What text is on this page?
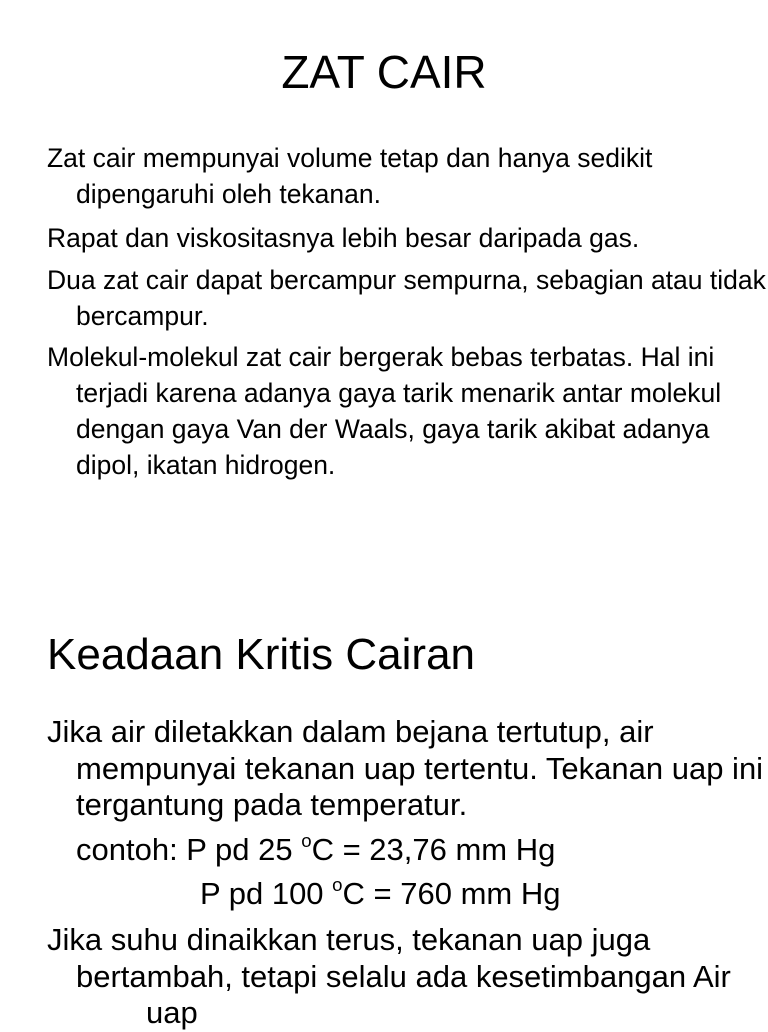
ZAT CAIR

Zat cair mempunyai volume tetap dan hanya sedikit dipengaruhi oleh tekanan.

Rapat dan viskositasnya lebih besar daripada gas.

Dua zat cair dapat bercampur sempurna, sebagian atau tidak bercampur.

Molekul-molekul zat cair bergerak bebas terbatas. Hal ini terjadi karena adanya gaya tarik menarik antar molekul dengan gaya Van der Waals, gaya tarik akibat adanya dipol, ikatan hidrogen.

Keadaan Kritis Cairan

Jika air diletakkan dalam bejana tertutup, air mempunyai tekanan uap tertentu. Tekanan uap ini tergantung pada temperatur.

contoh: P pd 25 $^o$C = 23,76 mm Hg

P pd 100 $^o$C = 760 mm Hg

Jika suhu dinaikkan terus, tekanan uap juga bertambah, tetapi selalu ada kesetimbangan Airuap
